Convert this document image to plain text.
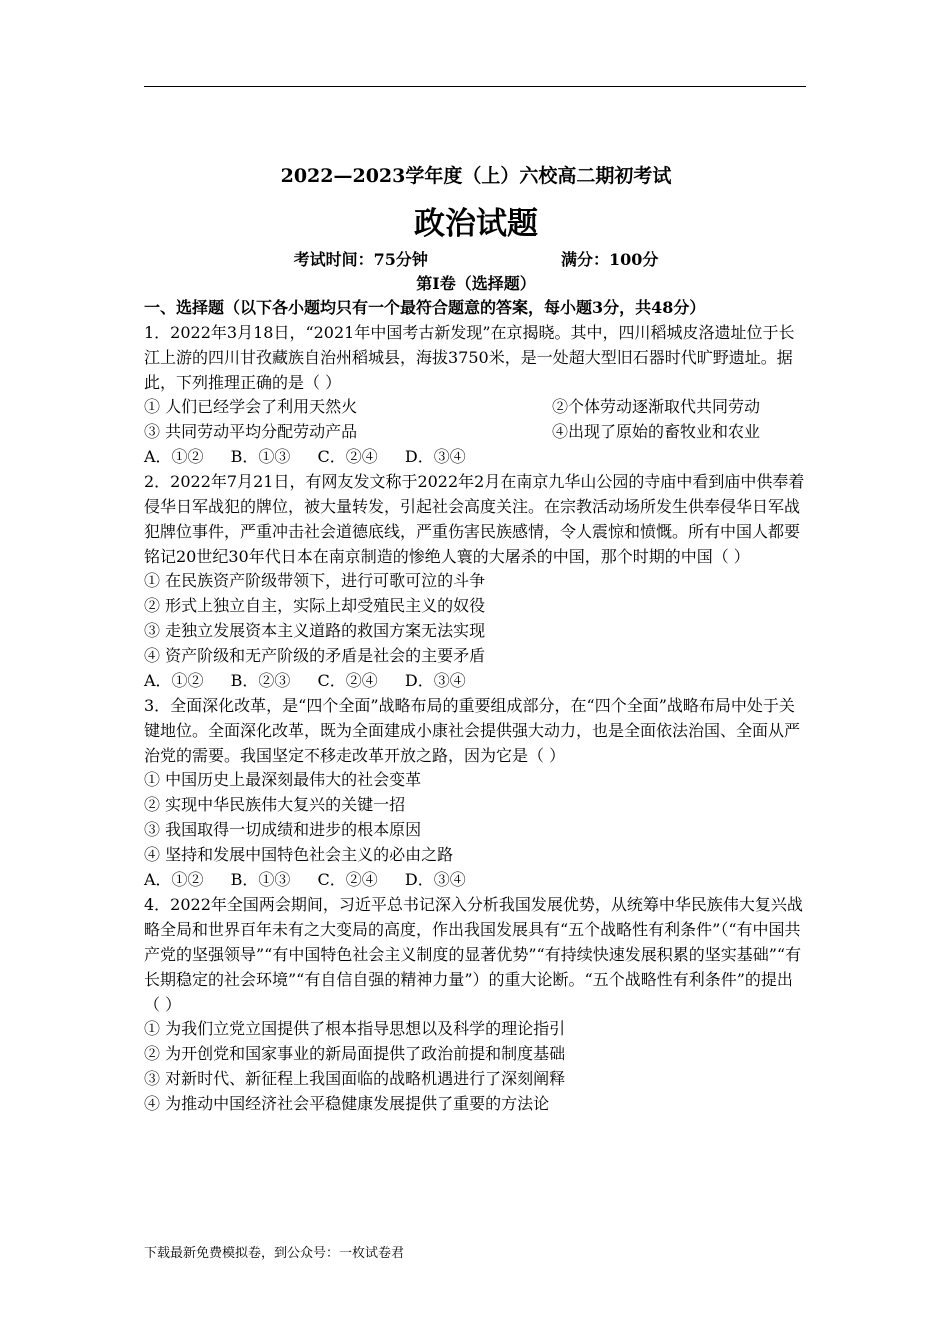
2022—2023学年度（上）六校高二期初考试
政治试题
考试时间：75分钟	满分：100分
第Ⅰ卷（选择题）
一、选择题（以下各小题均只有一个最符合题意的答案，每小题3分，共48分）

1．2022年3月18日，“2021年中国考古新发现”在京揭晓。其中，四川稻城皮洛遗址位于长江上游的四川甘孜藏族自治州稻城县，海拔3750米，是一处超大型旧石器时代旷野遗址。据此，下列推理正确的是（ ）

① 人们已经学会了利用天然火	②个体劳动逐渐取代共同劳动
③ 共同劳动平均分配劳动产品	④出现了原始的畜牧业和农业
A．①② B．①③ C．②④ D．③④

2．2022年7月21日，有网友发文称于2022年2月在南京九华山公园的寺庙中看到庙中供奉着侵华日军战犯的牌位，被大量转发，引起社会高度关注。在宗教活动场所发生供奉侵华日军战犯牌位事件，严重冲击社会道德底线，严重伤害民族感情，令人震惊和愤慨。所有中国人都要铭记20世纪30年代日本在南京制造的惨绝人寰的大屠杀的中国，那个时期的中国（ ）

① 在民族资产阶级带领下，进行可歌可泣的斗争

② 形式上独立自主，实际上却受殖民主义的奴役

③ 走独立发展资本主义道路的救国方案无法实现

④ 资产阶级和无产阶级的矛盾是社会的主要矛盾

A．①② B．②③ C．②④ D．③④

3．全面深化改革，是“四个全面”战略布局的重要组成部分，在“四个全面”战略布局中处于关键地位。全面深化改革，既为全面建成小康社会提供强大动力，也是全面依法治国、全面从严治党的需要。我国坚定不移走改革开放之路，因为它是（ ）

① 中国历史上最深刻最伟大的社会变革

② 实现中华民族伟大复兴的关键一招

③ 我国取得一切成绩和进步的根本原因

④ 坚持和发展中国特色社会主义的必由之路

A．①② B．①③ C．②④ D．③④

4．2022年全国两会期间，习近平总书记深入分析我国发展优势，从统筹中华民族伟大复兴战略全局和世界百年未有之大变局的高度，作出我国发展具有“五个战略性有利条件”（“有中国共产党的坚强领导”“有中国特色社会主义制度的显著优势”“有持续快速发展积累的坚实基础”“有长期稳定的社会环境”“有自信自强的精神力量”）的重大论断。“五个战略性有利条件”的提出（ ）

① 为我们立党立国提供了根本指导思想以及科学的理论指引

② 为开创党和国家事业的新局面提供了政治前提和制度基础

③ 对新时代、新征程上我国面临的战略机遇进行了深刻阐释

④ 为推动中国经济社会平稳健康发展提供了重要的方法论

下载最新免费模拟卷，到公众号：一枚试卷君
